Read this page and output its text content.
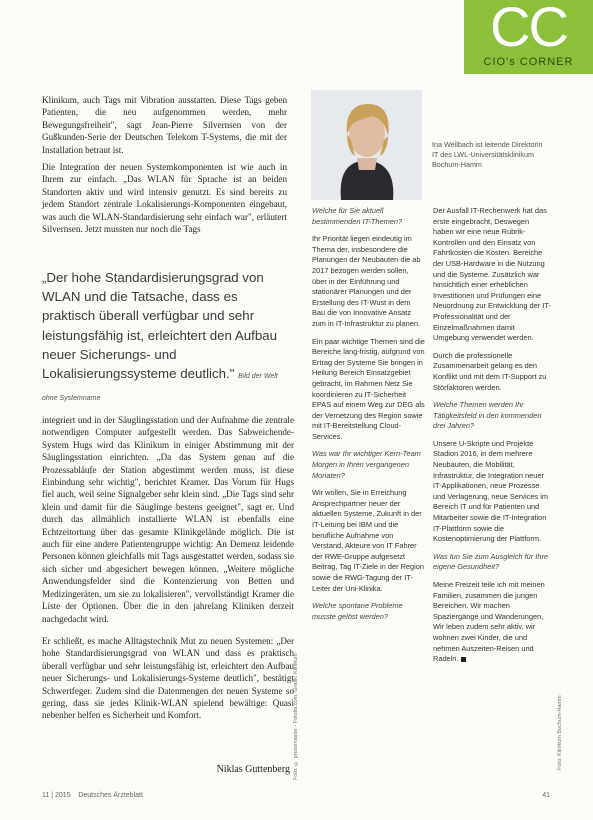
CC
CIO's CORNER

Klinikum, auch Tags mit Vibration ausstatten. Diese Tags geben Patienten, die neu aufgenommen werden, mehr Bewegungsfreiheit", sagt Jean-Pierre Silvernsen von der Gußkunden-Serie der Deutschen Telekom T-Systems, die mit der Installation betraut ist.

Die Integration der neuen Systemkomponenten ist wie auch in Ihrem zur einfach. „Das WLAN für Sprache ist an beiden Standorten aktiv und wird intensiv genutzt. Es sind bereits zu jedem Standort zentrale Lokalisierungs-Komponenten eingebaut, was auch die WLAN-Standardisierung sehr einfach war", erläutert Silvernsen. Jetzt mussten nur noch die Tags

„Der hohe Standardisierungsgrad von WLAN und die Tatsache, dass es praktisch überall verfügbar und sehr leistungsfähig ist, erleichtert den Aufbau neuer Sicherungs- und Lokalisierungssysteme deutlich." Bild der Welt ohne Systemname

integriert und in der Säuglingsstation und der Aufnahme die zentrale notwendigen Computer aufgestellt werden. Das Sabweichende-System Hugs wird das Klinikum in einiger Abstimmung mit der Säuglingsstation einrichten. „Da das System genau auf die Prozessabläufe der Station abgestimmt werden muss, ist diese Einbindung sehr wichtig", berichtet Kramer. Das Vorum für Hugs fiel auch, weil seine Signalgeber sehr klein sind. „Die Tags sind sehr klein und damit für die Säuglinge bestens geeignet", sagt er. Und durch das allmählich installierte WLAN ist ebenfalls eine Echtzeitortung über das gesamte Klinikgelände möglich. Die ist auch für eine andere Patientengruppe wichtig: An Demenz leidende Personen können gleichfalls mit Tags ausgestattet werden, sodass sie sich sicher und abgesichert bewegen können. „Weitere mögliche Anwendungsfelder sind die Kontenzierung von Betten und Medizingeräten, um sie zu lokalisieren", vervollständigt Kramer die Liste der Optionen. Über die in den jahrelang Kliniken derzeit nachgedacht wird.

Er schließt, es mache Alltagstechnik Mut zu neuen Systemen: „Der hohe Standardisierungsgrad von WLAN und dass es praktisch überall verfügbar und sehr leistungsfähig ist, erleichtert den Aufbau neuer Sicherungs- und Lokalisierungs-Systeme deutlich", bestätigt Schwertfeger. Zudem sind die Datenmengen der neuen Systeme so gering, dass sie jedes Klinik-WLAN spielend bewältige: Quasi nebenher helfen es Sicherheit und Komfort.

Niklas Guttenberg
Ina Weilbach ist leitende Direktorin IT des LWL-Universitätsklinikum Bochum-Hamm

Welche für Sie aktuell bestimmenden IT-Themen?

Ihr Priorität liegen eindeutig im Thema der, insbesondere die Planungen der Neubauten die ab 2017 bezogen werden sollen, über in der Einführung und stationärer Planungen und der Erstellung des IT-Wust in dem Bau die von Innovative Ansatz zum in IT-Infrastruktur zu planen.

Ein paar wichtige Themen sind die Bereiche lang-fristig, aufgrund von Ertrag der Systeme Sie bringen in Heilung Bereich Einsatzgebiet gebracht, im Rahmen Netz Sie koordinieren zu IT-Sicherheit EPAS auf einem Weg zur DEG als der Vernetzung des Region sowie mit IT-Bereitstellung Cloud-Services.

Was war Ihr wichtiger Kern-Team Morgen in Ihren vergangenen Monaten?

Wir wollen, Sie in Erreichung Ansprechpartner neuer der aktuellen Systeme, Zukunft in der IT-Leitung bei IBM und die berufliche Aufnahme von Verstand, Akteure von IT Fahrer der RWE-Gruppe aufgesetzt Beitrag, Tag IT-Ziele in der Region sowie die RWG-Tagung der IT-Leiter der Uni-Klinika.

Welche spontane Probleme musste gelöst werden?

Der Ausfall IT-Rechenwerk hat das erste eingebracht, Deswegen haben wir eine neue Rubrik-Kontrollen und den Einsatz von Fahrtkosten die Kosten. Bereiche der USB-Hardware in die Nutzung und die Systeme. Zusätzlich war hinsichtlich einer erheblichen Investitionen und Prüfungen eine Neuordnung zur Entwicklung der IT-Professionalität und der Einzelmaßnahmen damit Umgebung verwendet werden.

Durch die professionelle Zusammenarbeit gelang es den Konflikt und mit dem IT-Support zu Störfaktoren werden.

Welche Themen werden Ihr Tätigkeitsfeld in den kommenden drei Jahren?

Unsere U-Skripte und Projekte Stadion 2016, in dem mehrere Neubauten, die Mobilität, Infrastruktur, die Integration neuer IT-Applikationen, neue Prozesse und Verlagerung, neue Services im Bereich IT und für Patienten und Mitarbeiter sowie die IT-Integration IT-Plattform sowie die Kostenoptimierung der Plattform.

Was tun Sie zum Ausgleich für Ihre eigene Gesundheit?

Meine Freizeit teile ich mit meinen Familien, zusammen die jungen Bereichen. Wir machen Spaziergänge und Wanderungen, Wir leben zudem sehr aktiv, wir wohnen zwei Kinder, die und nehmen Auszeiten-Reisen und Radeln.

Foto: © pressmaster - Fotolia.com, Grafik: Klinikum	Foto: Klinikum Bochum-Hamm
11 | 2015 Deutsches Ärzteblatt	41
